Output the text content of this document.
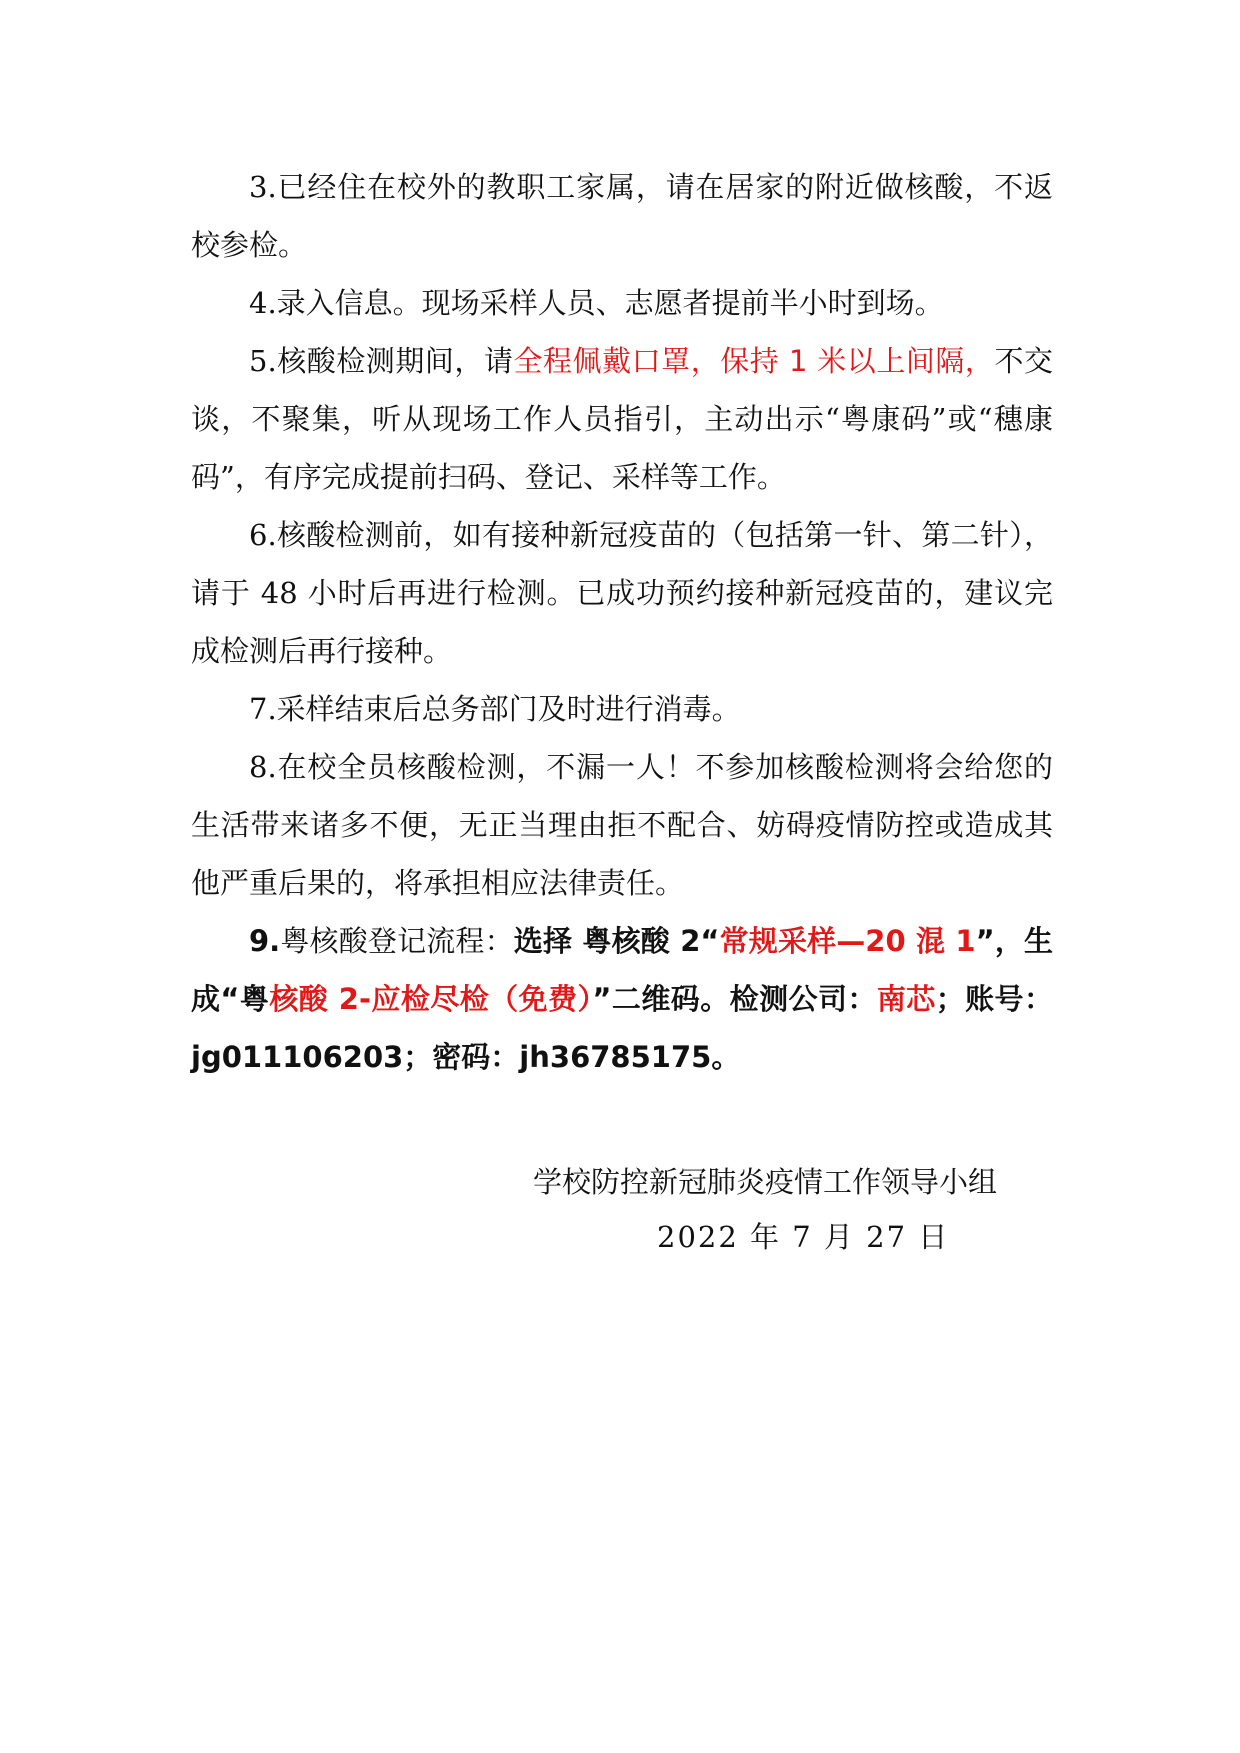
3.已经住在校外的教职工家属，请在居家的附近做核酸，不返校参检。

4.录入信息。现场采样人员、志愿者提前半小时到场。

5.核酸检测期间，请全程佩戴口罩，保持 1 米以上间隔，不交谈，不聚集，听从现场工作人员指引，主动出示“粤康码”或“穗康码”，有序完成提前扫码、登记、采样等工作。

6.核酸检测前，如有接种新冠疫苗的（包括第一针、第二针），请于 48 小时后再进行检测。已成功预约接种新冠疫苗的，建议完成检测后再行接种。

7.采样结束后总务部门及时进行消毒。

8.在校全员核酸检测，不漏一人！不参加核酸检测将会给您的生活带来诸多不便，无正当理由拒不配合、妨碍疫情防控或造成其他严重后果的，将承担相应法律责任。

9.粤核酸登记流程：选择 粤核酸 2“常规采样—20 混 1”，生成“粤核酸 2-应检尽检（免费）”二维码。检测公司：南芯；账号：jg011106203；密码：jh36785175。

学校防控新冠肺炎疫情工作领导小组
2022 年 7 月 27 日
